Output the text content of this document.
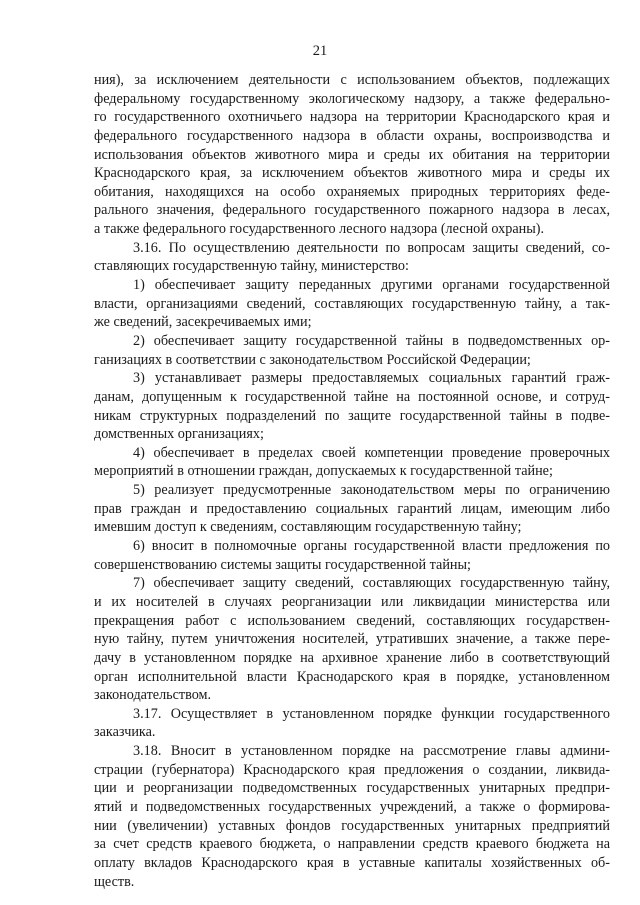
21
ния), за исключением деятельности с использованием объектов, подлежащих
федеральному государственному экологическому надзору, а также федерально-
го государственного охотничьего надзора на территории Краснодарского края и
федерального государственного надзора в области охраны, воспроизводства и
использования объектов животного мира и среды их обитания на территории
Краснодарского края, за исключением объектов животного мира и среды их
обитания, находящихся на особо охраняемых природных территориях феде-
рального значения, федерального государственного пожарного надзора в лесах,
а также федерального государственного лесного надзора (лесной охраны).
3.16. По осуществлению деятельности по вопросам защиты сведений, со-
ставляющих государственную тайну, министерство:
1) обеспечивает защиту переданных другими органами государственной
власти, организациями сведений, составляющих государственную тайну, а так-
же сведений, засекречиваемых ими;
2) обеспечивает защиту государственной тайны в подведомственных ор-
ганизациях в соответствии с законодательством Российской Федерации;
3) устанавливает размеры предоставляемых социальных гарантий граж-
данам, допущенным к государственной тайне на постоянной основе, и сотруд-
никам структурных подразделений по защите государственной тайны в подве-
домственных организациях;
4) обеспечивает в пределах своей компетенции проведение проверочных
мероприятий в отношении граждан, допускаемых к государственной тайне;
5) реализует предусмотренные законодательством меры по ограничению
прав граждан и предоставлению социальных гарантий лицам, имеющим либо
имевшим доступ к сведениям, составляющим государственную тайну;
6) вносит в полномочные органы государственной власти предложения по
совершенствованию системы защиты государственной тайны;
7) обеспечивает защиту сведений, составляющих государственную тайну,
и их носителей в случаях реорганизации или ликвидации министерства или
прекращения работ с использованием сведений, составляющих государствен-
ную тайну, путем уничтожения носителей, утративших значение, а также пере-
дачу в установленном порядке на архивное хранение либо в соответствующий
орган исполнительной власти Краснодарского края в порядке, установленном
законодательством.
3.17. Осуществляет в установленном порядке функции государственного
заказчика.
3.18. Вносит в установленном порядке на рассмотрение главы админи-
страции (губернатора) Краснодарского края предложения о создании, ликвида-
ции и реорганизации подведомственных государственных унитарных предпри-
ятий и подведомственных государственных учреждений, а также о формирова-
нии (увеличении) уставных фондов государственных унитарных предприятий
за счет средств краевого бюджета, о направлении средств краевого бюджета на
оплату вкладов Краснодарского края в уставные капиталы хозяйственных об-
ществ.
